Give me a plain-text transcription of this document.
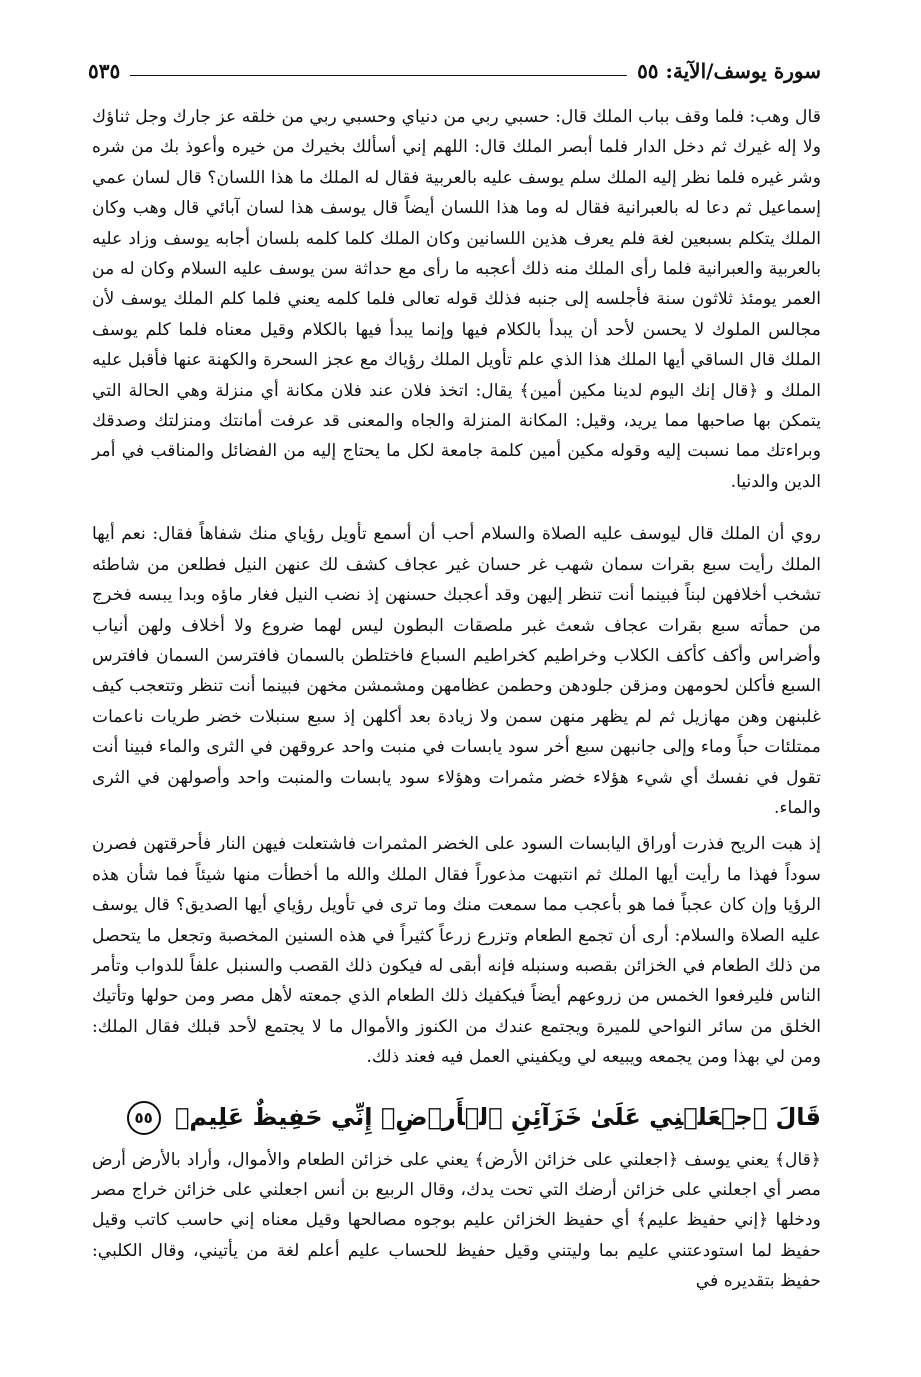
سورة يوسف/الآية: ٥٥
٥٣٥

قال وهب: فلما وقف بباب الملك قال: حسبي ربي من دنياي وحسبي ربي من خلقه عز جارك وجل ثناؤك ولا إله غيرك ثم دخل الدار فلما أبصر الملك قال: اللهم إني أسألك بخيرك من خيره وأعوذ بك من شره وشر غيره فلما نظر إليه الملك سلم يوسف عليه بالعربية فقال له الملك ما هذا اللسان؟ قال لسان عمي إسماعيل ثم دعا له بالعبرانية فقال له وما هذا اللسان أيضاً قال يوسف هذا لسان آبائي قال وهب وكان الملك يتكلم بسبعين لغة فلم يعرف هذين اللسانين وكان الملك كلما كلمه بلسان أجابه يوسف وزاد عليه بالعربية والعبرانية فلما رأى الملك منه ذلك أعجبه ما رأى مع حداثة سن يوسف عليه السلام وكان له من العمر يومئذ ثلاثون سنة فأجلسه إلى جنبه فذلك قوله تعالى فلما كلمه يعني فلما كلم الملك يوسف لأن مجالس الملوك لا يحسن لأحد أن يبدأ بالكلام فيها وإنما يبدأ فيها بالكلام وقيل معناه فلما كلم يوسف الملك قال الساقي أيها الملك هذا الذي علم تأويل الملك رؤياك مع عجز السحرة والكهنة عنها فأقبل عليه الملك و ﴿قال إنك اليوم لدينا مكين أمين﴾ يقال: اتخذ فلان عند فلان مكانة أي منزلة وهي الحالة التي يتمكن بها صاحبها مما يريد، وقيل: المكانة المنزلة والجاه والمعنى قد عرفت أمانتك ومنزلتك وصدقك وبراءتك مما نسبت إليه وقوله مكين أمين كلمة جامعة لكل ما يحتاج إليه من الفضائل والمناقب في أمر الدين والدنيا.

روي أن الملك قال ليوسف عليه الصلاة والسلام أحب أن أسمع تأويل رؤياي منك شفاهاً فقال: نعم أيها الملك رأيت سبع بقرات سمان شهب غر حسان غير عجاف كشف لك عنهن النيل فطلعن من شاطئه تشخب أخلافهن لبناً فبينما أنت تنظر إليهن وقد أعجبك حسنهن إذ نضب النيل فغار ماؤه وبدا يبسه فخرج من حمأته سبع بقرات عجاف شعث غبر ملصقات البطون ليس لهما ضروع ولا أخلاف ولهن أنياب وأضراس وأكف كأكف الكلاب وخراطيم كخراطيم السباع فاختلطن بالسمان فافترسن السمان فافترس السبع فأكلن لحومهن ومزقن جلودهن وحطمن عظامهن ومشمشن مخهن فبينما أنت تنظر وتتعجب كيف غلبنهن وهن مهازيل ثم لم يظهر منهن سمن ولا زيادة بعد أكلهن إذ سبع سنبلات خضر طريات ناعمات ممتلئات حباً وماء وإلى جانبهن سبع أخر سود يابسات في منبت واحد عروقهن في الثرى والماء فبينا أنت تقول في نفسك أي شيء هؤلاء خضر مثمرات وهؤلاء سود يابسات والمنبت واحد وأصولهن في الثرى والماء.

إذ هبت الريح فذرت أوراق اليابسات السود على الخضر المثمرات فاشتعلت فيهن النار فأحرقتهن فصرن سوداً فهذا ما رأيت أيها الملك ثم انتبهت مذعوراً فقال الملك والله ما أخطأت منها شيئاً فما شأن هذه الرؤيا وإن كان عجباً فما هو بأعجب مما سمعت منك وما ترى في تأويل رؤياي أيها الصديق؟ قال يوسف عليه الصلاة والسلام: أرى أن تجمع الطعام وتزرع زرعاً كثيراً في هذه السنين المخصبة وتجعل ما يتحصل من ذلك الطعام في الخزائن بقصبه وسنبله فإنه أبقى له فيكون ذلك القصب والسنبل علفاً للدواب وتأمر الناس فليرفعوا الخمس من زروعهم أيضاً فيكفيك ذلك الطعام الذي جمعته لأهل مصر ومن حولها وتأتيك الخلق من سائر النواحي للميرة ويجتمع عندك من الكنوز والأموال ما لا يجتمع لأحد قبلك فقال الملك: ومن لي بهذا ومن يجمعه ويبيعه لي ويكفيني العمل فيه فعند ذلك.

قَالَ ٱجۡعَلۡنِي عَلَىٰ خَزَآئِنِ ٱلۡأَرۡضِۖ إِنِّي حَفِيظٌ عَلِيمٞ ٥٥

﴿قال﴾ يعني يوسف ﴿اجعلني على خزائن الأرض﴾ يعني على خزائن الطعام والأموال، وأراد بالأرض أرض مصر أي اجعلني على خزائن أرضك التي تحت يدك، وقال الربيع بن أنس اجعلني على خزائن خراج مصر ودخلها ﴿إني حفيظ عليم﴾ أي حفيظ الخزائن عليم بوجوه مصالحها وقيل معناه إني حاسب كاتب وقيل حفيظ لما استودعتني عليم بما وليتني وقيل حفيظ للحساب عليم أعلم لغة من يأتيني، وقال الكلبي: حفيظ بتقديره في
